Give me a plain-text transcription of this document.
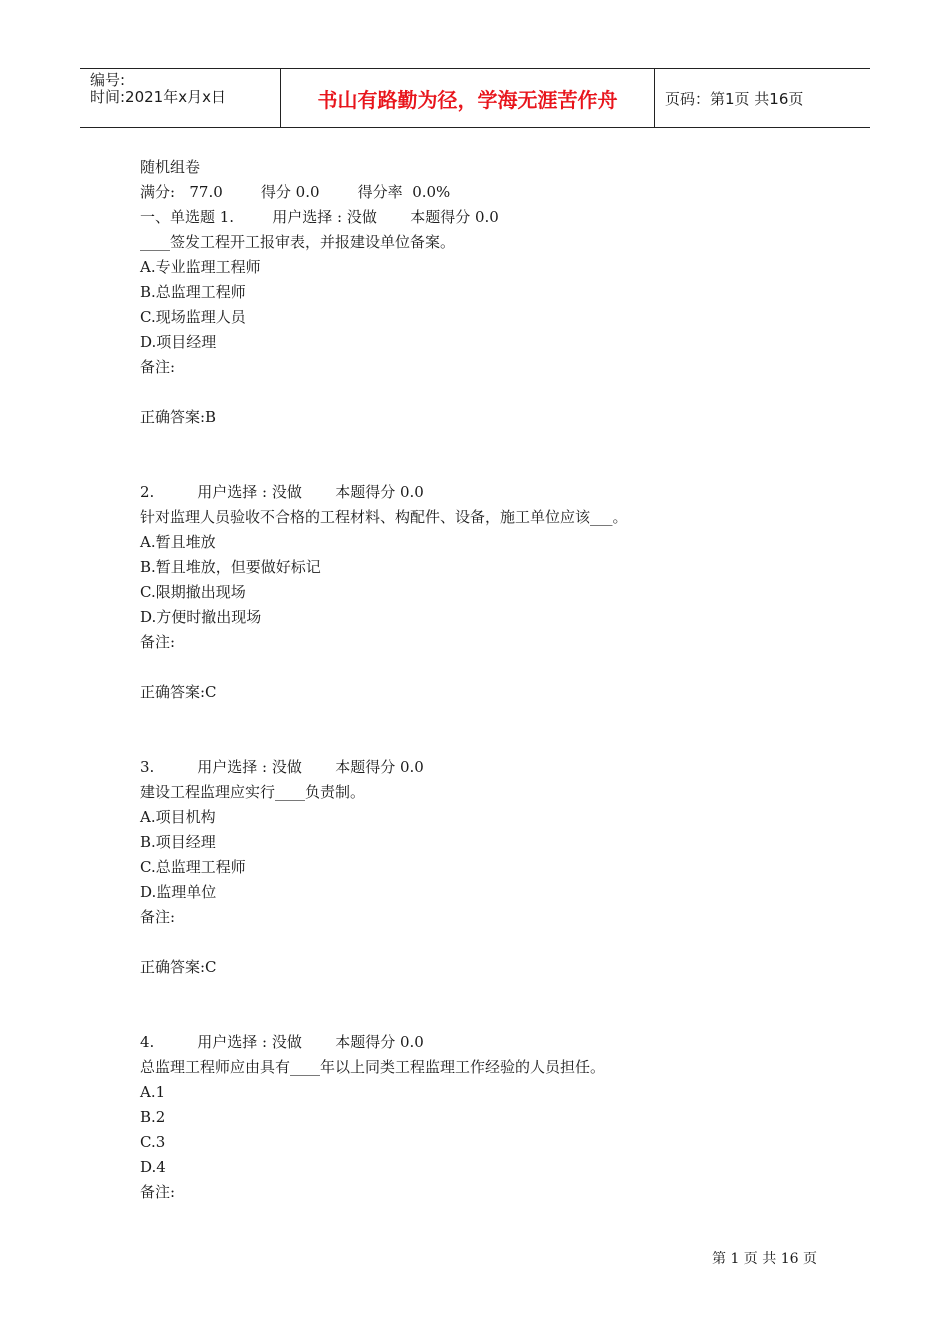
编号:
时间:2021年x月x日	书山有路勤为径，学海无涯苦作舟	页码：第1页 共16页
随机组卷
满分:   77.0        得分 0.0        得分率  0.0%
一、单选题 1.        用户选择 : 没做       本题得分 0.0
____签发工程开工报审表，并报建设单位备案。
A.专业监理工程师
B.总监理工程师
C.现场监理人员
D.项目经理
备注:
正确答案:B
2.         用户选择 : 没做       本题得分 0.0
针对监理人员验收不合格的工程材料、构配件、设备，施工单位应该___。
A.暂且堆放
B.暂且堆放，但要做好标记
C.限期撤出现场
D.方便时撤出现场
备注:
正确答案:C
3.         用户选择 : 没做       本题得分 0.0
建设工程监理应实行____负责制。
A.项目机构
B.项目经理
C.总监理工程师
D.监理单位
备注:
正确答案:C
4.         用户选择 : 没做       本题得分 0.0
总监理工程师应由具有____年以上同类工程监理工作经验的人员担任。
A.1
B.2
C.3
D.4
备注:
第 1 页 共 16 页
